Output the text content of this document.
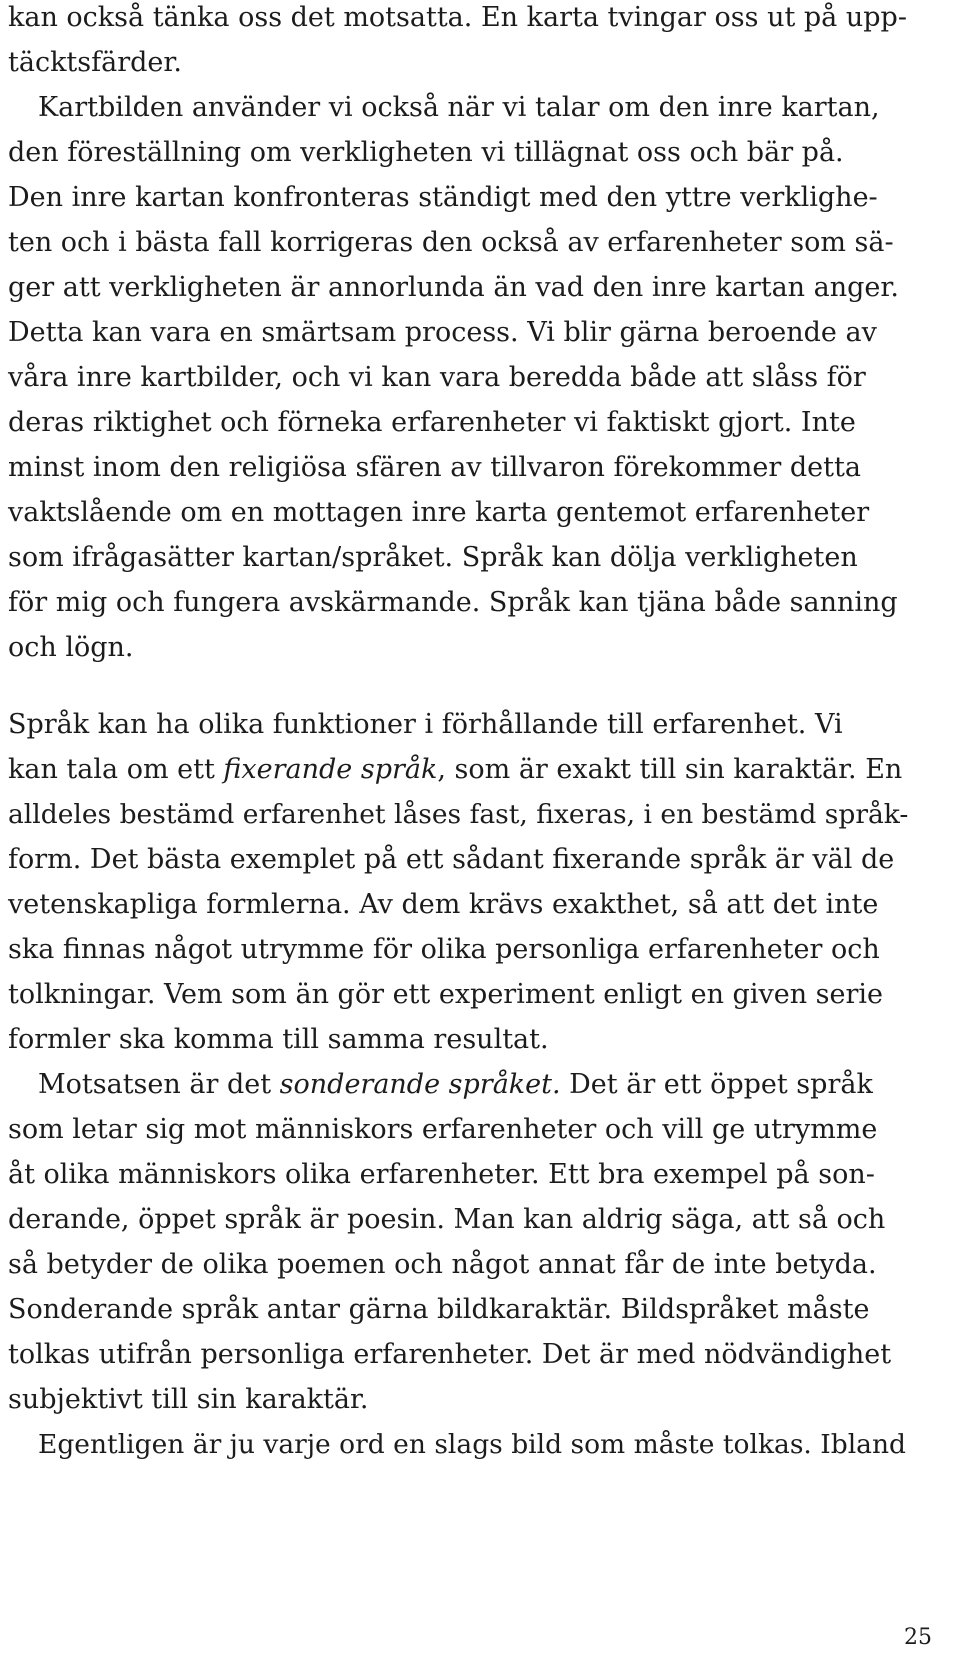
kan också tänka oss det motsatta. En karta tvingar oss ut på upp-
täcktsfärder.
Kartbilden använder vi också när vi talar om den inre kartan,
den föreställning om verkligheten vi tillägnat oss och bär på.
Den inre kartan konfronteras ständigt med den yttre verklighe-
ten och i bästa fall korrigeras den också av erfarenheter som sä-
ger att verkligheten är annorlunda än vad den inre kartan anger.
Detta kan vara en smärtsam process. Vi blir gärna beroende av
våra inre kartbilder, och vi kan vara beredda både att slåss för
deras riktighet och förneka erfarenheter vi faktiskt gjort. Inte
minst inom den religiösa sfären av tillvaron förekommer detta
vaktslående om en mottagen inre karta gentemot erfarenheter
som ifrågasätter kartan/språket. Språk kan dölja verkligheten
för mig och fungera avskärmande. Språk kan tjäna både sanning
och lögn.
Språk kan ha olika funktioner i förhållande till erfarenhet. Vi
kan tala om ett fixerande språk, som är exakt till sin karaktär. En
alldeles bestämd erfarenhet låses fast, fixeras, i en bestämd språk-
form. Det bästa exemplet på ett sådant fixerande språk är väl de
vetenskapliga formlerna. Av dem krävs exakthet, så att det inte
ska finnas något utrymme för olika personliga erfarenheter och
tolkningar. Vem som än gör ett experiment enligt en given serie
formler ska komma till samma resultat.
Motsatsen är det sonderande språket. Det är ett öppet språk
som letar sig mot människors erfarenheter och vill ge utrymme
åt olika människors olika erfarenheter. Ett bra exempel på son-
derande, öppet språk är poesin. Man kan aldrig säga, att så och
så betyder de olika poemen och något annat får de inte betyda.
Sonderande språk antar gärna bildkaraktär. Bildspråket måste
tolkas utifrån personliga erfarenheter. Det är med nödvändighet
subjektivt till sin karaktär.
Egentligen är ju varje ord en slags bild som måste tolkas. Ibland
25
